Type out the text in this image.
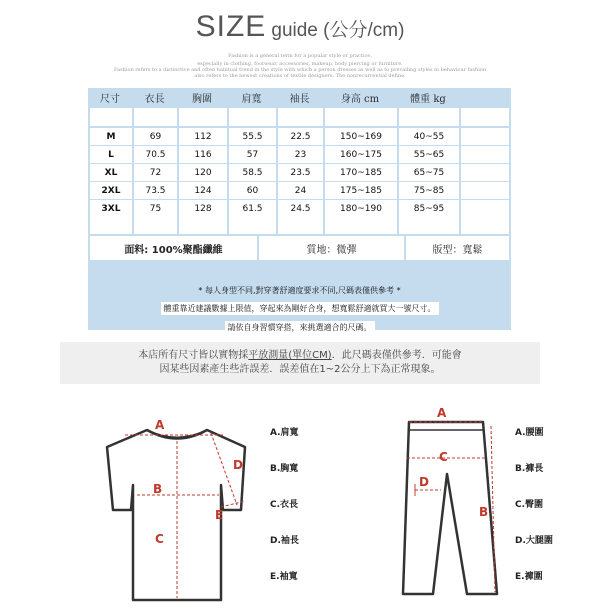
SIZE guide (公分/cm)
Fashion is a general term for a popular style or practice,
especially in clothing, footwear, accessories, makeup, body piercing or furniture.
Fashion refers to a distinctive and often habitual trend in the style with which a person dresses as well as to prevailing styles in behaviour fashion
also refers to the newest creations of textile designers. The nonrecurrential define.
尺寸	衣長	胸圍	肩寬	袖長	身高 cm	體重 kg
M	69	112	55.5	22.5	150~169	40~55
L	70.5	116	57	23	160~175	55~65
XL	72	120	58.5	23.5	170~185	65~75
2XL	73.5	124	60	24	175~185	75~85
3XL	75	128	61.5	24.5	180~190	85~95
面料: 100%聚酯纖維	質地：微彈	版型：寬鬆
* 每人身型不同,對穿著舒適度要求不同,尺碼表僅供參考 *
體重靠近建議數據上限值，穿起來為剛好合身，想寬鬆舒適就買大一號尺寸。
請依自身習慣穿搭，來挑選適合的尺碼。
本店所有尺寸皆以實物採平放測量(單位CM)．此尺碼表僅供參考．可能會
因某些因素產生些許誤差．誤差值在1~2公分上下為正常現象。
A
B
C
D
E
A.肩寬
B.胸寬
C.衣長
D.袖長
E.袖寬
A
B
C
D
A.腰圍
B.褲長
C.臀圍
D.大腿圍
E.褲圍
